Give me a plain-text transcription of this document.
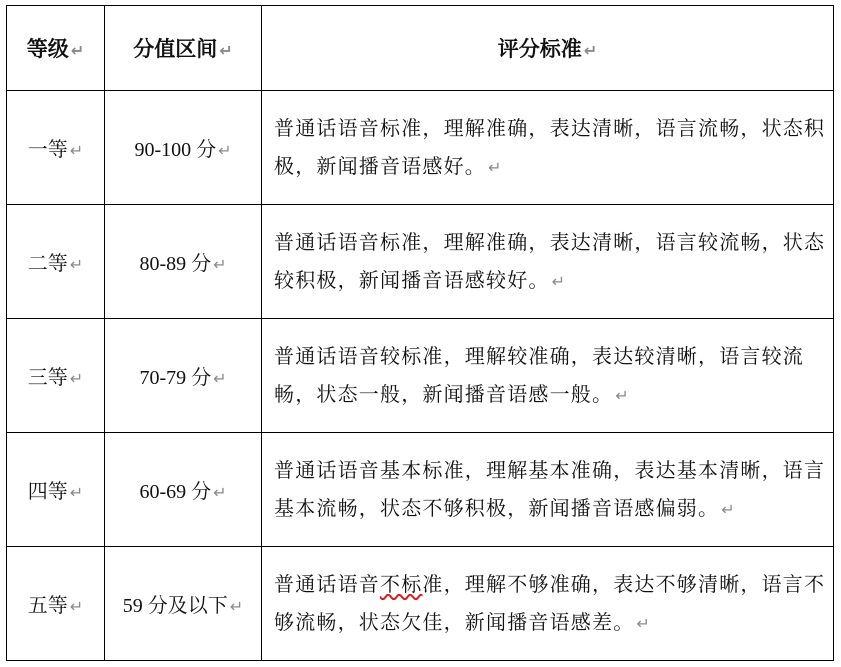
等级 ↵	分值区间 ↵	评分标准 ↵
一等 ↵	90-100 分 ↵	普通话语音标准，理解准确，表达清晰，语言流畅，状态积极，新闻播音语感好。 ↵

二等 ↵	80-89 分 ↵	普通话语音标准，理解准确，表达清晰，语言较流畅，状态较积极，新闻播音语感较好。 ↵

三等 ↵	70-79 分 ↵	普通话语音较标准，理解较准确，表达较清晰，语言较流畅，状态一般，新闻播音语感一般。 ↵

四等 ↵	60-69 分 ↵	普通话语音基本标准，理解基本准确，表达基本清晰，语言基本流畅，状态不够积极，新闻播音语感偏弱。 ↵

五等 ↵	59 分及以下 ↵	普通话语音不标准，理解不够准确，表达不够清晰，语言不够流畅，状态欠佳，新闻播音语感差。 ↵
